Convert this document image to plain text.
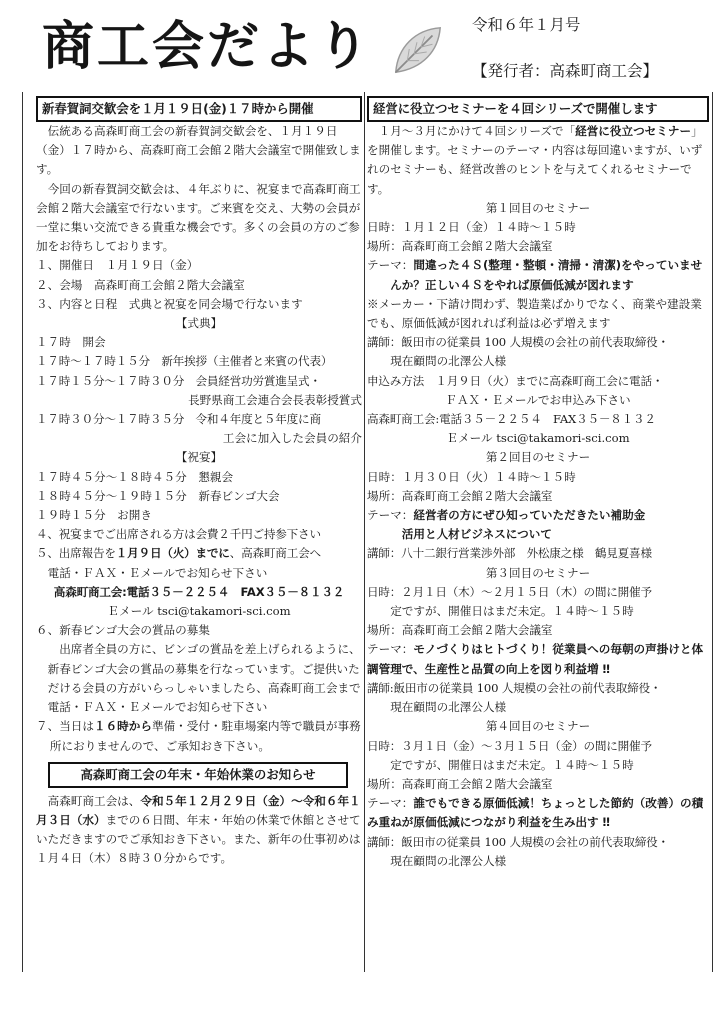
商工会だより	令和６年１月号
【発行者：高森町商工会】
新春賀詞交歓会を１月１９日(金)１７時から開催

伝統ある高森町商工会の新春賀詞交歓会を、１月１９日（金）１７時から、高森町商工会館２階大会議室で開催致します。

今回の新春賀詞交歓会は、４年ぶりに、祝宴まで高森町商工会館２階大会議室で行ないます。ご来賓を交え、大勢の会員が一堂に集い交流できる貴重な機会です。多くの会員の方のご参加をお待ちしております。

１、開催日　１月１９日（金）

２、会場　高森町商工会館２階大会議室

３、内容と日程　式典と祝宴を同会場で行ないます

【式典】

１７時　開会

１７時～１７時１５分　新年挨拶（主催者と来賓の代表）

１７時１５分～１７時３０分　会員経営功労賞進呈式・

長野県商工会連合会長表彰授賞式

１７時３０分～１７時３５分　令和４年度と５年度に商

工会に加入した会員の紹介

【祝宴】

１７時４５分～１８時４５分　懇親会

１８時４５分～１９時１５分　新春ビンゴ大会

１９時１５分　お開き

４、祝宴までご出席される方は会費２千円ご持参下さい

５、出席報告を１月９日（火）までに、高森町商工会へ

電話・ＦＡＸ・Ｅメールでお知らせ下さい

高森町商工会:電話３５－２２５４　FAX３５－８１３２

Ｅメール tsci@takamori-sci.com

６、新春ビンゴ大会の賞品の募集

出席者全員の方に、ビンゴの賞品を差上げられるように、新春ビンゴ大会の賞品の募集を行なっています。ご提供いただける会員の方がいらっしゃいましたら、高森町商工会まで電話・ＦＡＸ・Ｅメールでお知らせ下さい

７、当日は１６時から準備・受付・駐車場案内等で職員が事務所におりませんので、ご承知おき下さい。

高森町商工会の年末・年始休業のお知らせ

高森町商工会は、令和５年１２月２９日（金）～令和６年１月３日（水）までの６日間、年末・年始の休業で休館とさせていただきますのでご承知おき下さい。また、新年の仕事初めは１月４日（木）８時３０分からです。

経営に役立つセミナーを４回シリーズで開催します

１月～３月にかけて４回シリーズで「経営に役立つセミナー」を開催します。セミナーのテーマ・内容は毎回違いますが、いずれのセミナーも、経営改善のヒントを与えてくれるセミナーです。

第１回目のセミナー

日時：１月１２日（金）１４時～１５時

場所：高森町商工会館２階大会議室

テーマ：間違った４Ｓ(整理・整頓・清掃・清潔)をやっていませんか？正しい４Ｓをやれば原価低減が図れます

※メーカー・下請け問わず、製造業ばかりでなく、商業や建設業でも、原価低減が図れれば利益は必ず増えます

講師：飯田市の従業員 100 人規模の会社の前代表取締役・

現在顧問の北澤公人様

申込み方法　１月９日（火）までに高森町商工会に電話・

ＦＡＸ・Ｅメールでお申込み下さい

高森町商工会:電話３５－２２５４　FAX３５－８１３２

Ｅメール tsci@takamori-sci.com

第２回目のセミナー

日時：１月３０日（火）１４時～１５時

場所：高森町商工会館２階大会議室

テーマ：経営者の方にぜひ知っていただきたい補助金

活用と人材ビジネスについて

講師：八十二銀行営業渉外部　外松康之様　鶴見夏喜様

第３回目のセミナー

日時：２月１日（木）～２月１５日（木）の間に開催予

定ですが、開催日はまだ未定。１４時～１５時

場所：高森町商工会館２階大会議室

テーマ：モノづくりはヒトづくり！従業員への毎朝の声掛けと体調管理で、生産性と品質の向上を図り利益増 ‼

講師:飯田市の従業員 100 人規模の会社の前代表取締役・

現在顧問の北澤公人様

第４回目のセミナー

日時：３月１日（金）～３月１５日（金）の間に開催予

定ですが、開催日はまだ未定。１４時～１５時

場所：高森町商工会館２階大会議室

テーマ：誰でもできる原価低減！ちょっとした節約（改善）の積み重ねが原価低減につながり利益を生み出す ‼

講師：飯田市の従業員 100 人規模の会社の前代表取締役・

現在顧問の北澤公人様
